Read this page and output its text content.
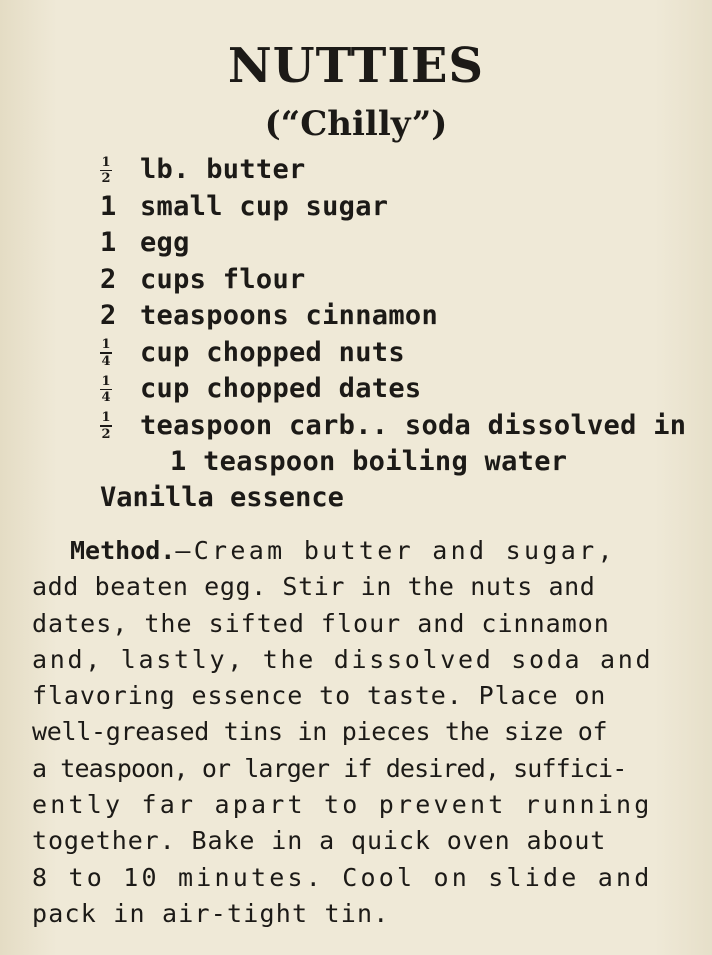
NUTTIES
(“Chilly”)
$\frac{1}{2}$ lb. butter
1 small cup sugar
1 egg
2 cups flour
2 teaspoons cinnamon
$\frac{1}{4}$ cup chopped nuts
$\frac{1}{4}$ cup chopped dates
$\frac{1}{2}$ teaspoon carb.. soda dissolved in
1 teaspoon boiling water
Vanilla essence
Method. —Cream butter and sugar,
add beaten egg. Stir in the nuts and
dates, the sifted flour and cinnamon
and, lastly, the dissolved soda and
flavoring essence to taste. Place on
well-greased tins in pieces the size of
a teaspoon, or larger if desired, suffici-
ently far apart to prevent running
together. Bake in a quick oven about
8 to 10 minutes. Cool on slide and
pack in air-tight tin.
